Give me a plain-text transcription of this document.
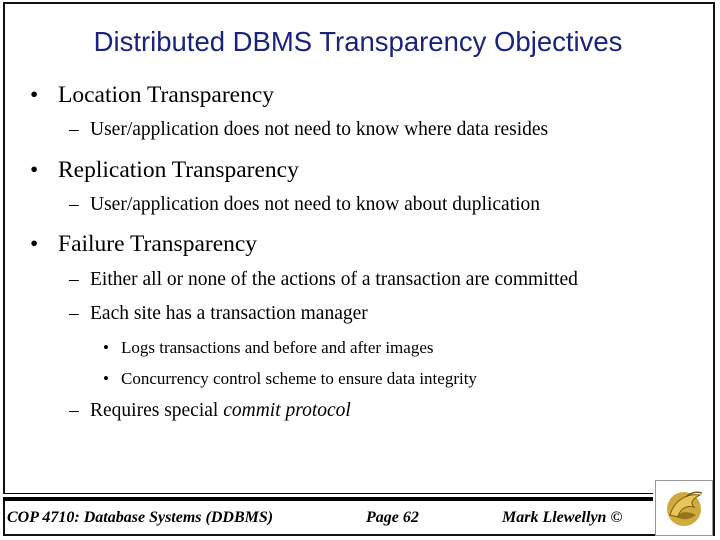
Distributed DBMS Transparency Objectives
• Location Transparency
– User/application does not need to know where data resides
• Replication Transparency
– User/application does not need to know about duplication
• Failure Transparency
– Either all or none of the actions of a transaction are committed
– Each site has a transaction manager
• Logs transactions and before and after images
• Concurrency control scheme to ensure data integrity
– Requires special commit protocol
COP 4710: Database Systems (DDBMS)	Page 62	Mark Llewellyn ©
